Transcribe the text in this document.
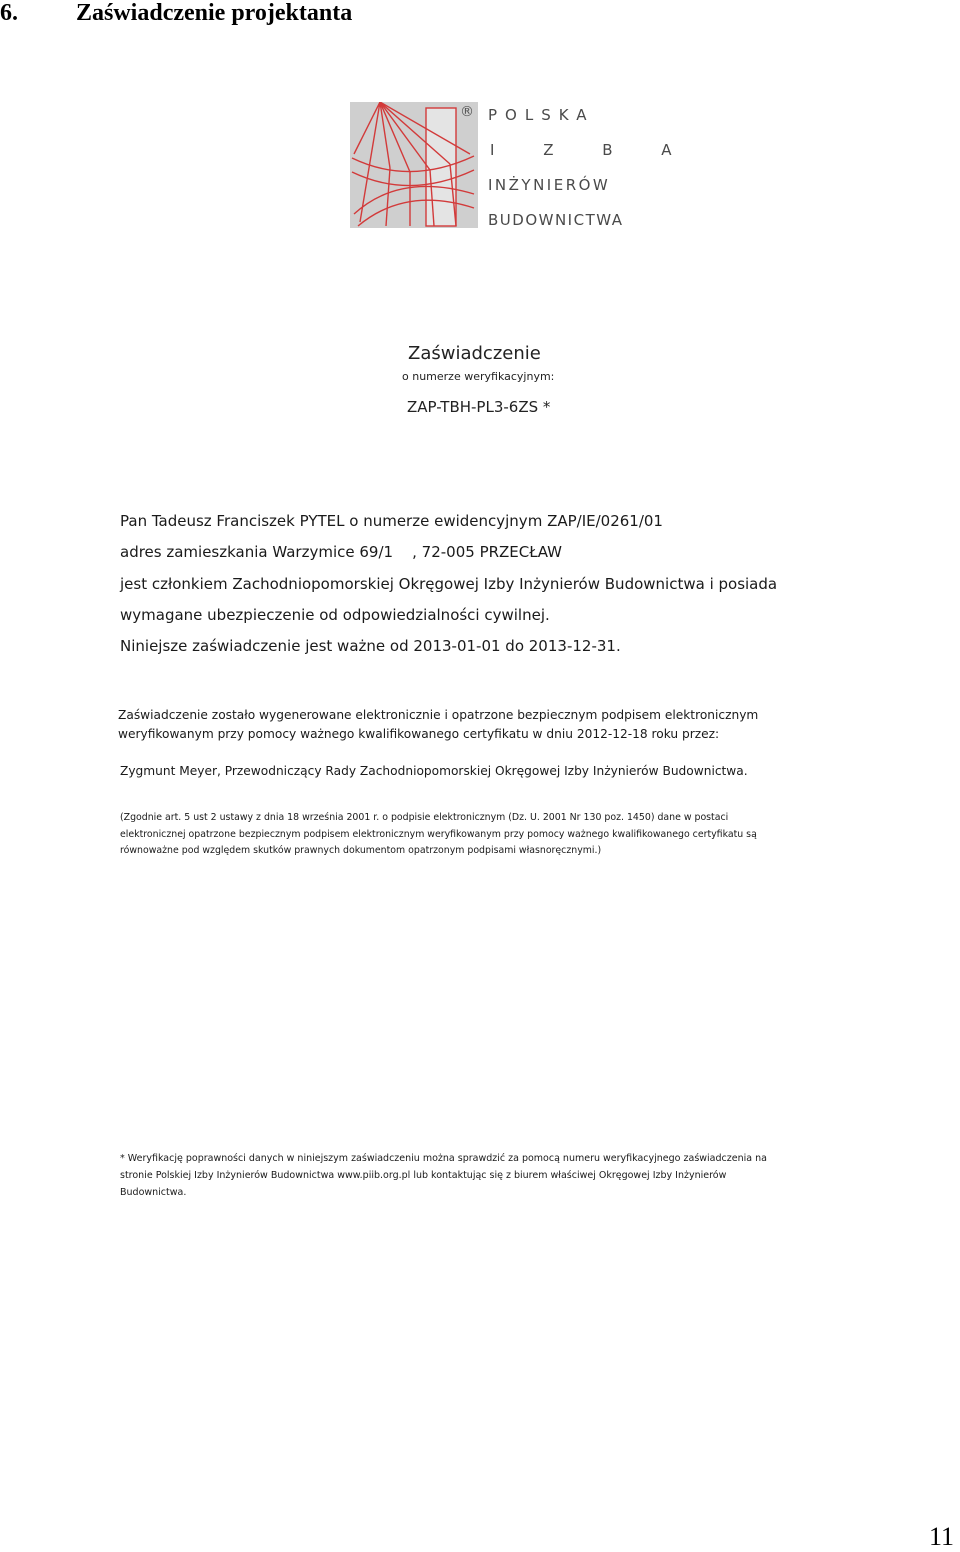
6. Zaświadczenie projektanta
® POLSKA
I Z B A
INŻYNIERÓW
BUDOWNICTWA
Zaświadczenie
o numerze weryfikacyjnym:
ZAP-TBH-PL3-6ZS *
Pan Tadeusz Franciszek PYTEL o numerze ewidencyjnym ZAP/IE/0261/01
adres zamieszkania Warzymice 69/1    , 72-005 PRZECŁAW
jest członkiem Zachodniopomorskiej Okręgowej Izby Inżynierów Budownictwa i posiada
wymagane ubezpieczenie od odpowiedzialności cywilnej.
Niniejsze zaświadczenie jest ważne od 2013-01-01 do 2013-12-31.

Zaświadczenie zostało wygenerowane elektronicznie i opatrzone bezpiecznym podpisem elektronicznym

weryfikowanym przy pomocy ważnego kwalifikowanego certyfikatu w dniu 2012-12-18 roku przez:

Zygmunt Meyer, Przewodniczący Rady Zachodniopomorskiej Okręgowej Izby Inżynierów Budownictwa.

(Zgodnie art. 5 ust 2 ustawy z dnia 18 września 2001 r. o podpisie elektronicznym (Dz. U. 2001 Nr 130 poz. 1450) dane w postaci

elektronicznej opatrzone bezpiecznym podpisem elektronicznym weryfikowanym przy pomocy ważnego kwalifikowanego certyfikatu są

równoważne pod względem skutków prawnych dokumentom opatrzonym podpisami własnoręcznymi.)

* Weryfikację poprawności danych w niniejszym zaświadczeniu można sprawdzić za pomocą numeru weryfikacyjnego zaświadczenia na

stronie Polskiej Izby Inżynierów Budownictwa www.piib.org.pl lub kontaktując się z biurem właściwej Okręgowej Izby Inżynierów

Budownictwa.

11
